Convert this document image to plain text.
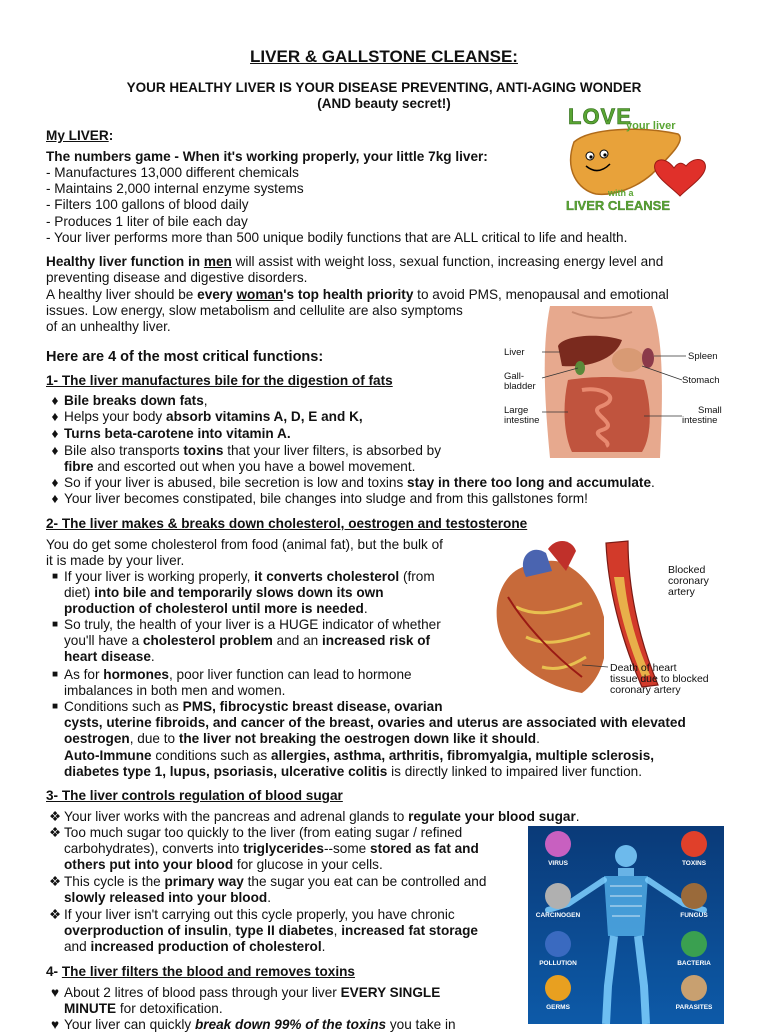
LIVER & GALLSTONE CLEANSE:
YOUR HEALTHY LIVER IS YOUR DISEASE PREVENTING, ANTI-AGING WONDER
(AND beauty secret!)
My LIVER:
The numbers game - When it's working properly, your little 7kg liver:
- Manufactures 13,000 different chemicals
- Maintains 2,000 internal enzyme systems
- Filters 100 gallons of blood daily
- Produces 1 liter of bile each day
- Your liver performs more than 500 unique bodily functions that are ALL critical to life and health.
Healthy liver function in men will assist with weight loss, sexual function, increasing energy level and
preventing disease and digestive disorders.
A healthy liver should be every woman's top health priority to avoid PMS, menopausal and emotional
issues. Low energy, slow metabolism and cellulite are also symptoms
of an unhealthy liver.
Here are 4 of the most critical functions:
1- The liver manufactures bile for the digestion of fats
♦ Bile breaks down fats,
♦ Helps your body absorb vitamins A, D, E and K,
♦ Turns beta-carotene into vitamin A.
♦ Bile also transports toxins that your liver filters, is absorbed by
fibre and escorted out when you have a bowel movement.
♦ So if your liver is abused, bile secretion is low and toxins stay in there too long and accumulate.
♦ Your liver becomes constipated, bile changes into sludge and from this gallstones form!
2- The liver makes & breaks down cholesterol, oestrogen and testosterone
You do get some cholesterol from food (animal fat), but the bulk of
it is made by your liver.
■ If your liver is working properly, it converts cholesterol (from
diet) into bile and temporarily slows down its own
production of cholesterol until more is needed.
■ So truly, the health of your liver is a HUGE indicator of whether
you'll have a cholesterol problem and an increased risk of
heart disease.
■ As for hormones, poor liver function can lead to hormone
imbalances in both men and women.
■ Conditions such as PMS, fibrocystic breast disease, ovarian
cysts, uterine fibroids, and cancer of the breast, ovaries and uterus are associated with elevated
oestrogen, due to the liver not breaking the oestrogen down like it should.
Auto-Immune conditions such as allergies, asthma, arthritis, fibromyalgia, multiple sclerosis,
diabetes type 1, lupus, psoriasis, ulcerative colitis is directly linked to impaired liver function.
3- The liver controls regulation of blood sugar
❖ Your liver works with the pancreas and adrenal glands to regulate your blood sugar.
❖ Too much sugar too quickly to the liver (from eating sugar / refined
carbohydrates), converts into triglycerides--some stored as fat and
others put into your blood for glucose in your cells.
❖ This cycle is the primary way the sugar you eat can be controlled and
slowly released into your blood.
❖ If your liver isn't carrying out this cycle properly, you have chronic
overproduction of insulin, type II diabetes, increased fat storage
and increased production of cholesterol.
4- The liver filters the blood and removes toxins
♥ About 2 litres of blood pass through your liver EVERY SINGLE
MINUTE for detoxification.
♥ Your liver can quickly break down 99% of the toxins you take in
LOVE
your liver
with a
LIVER CLEANSE
Liver
Gall-
bladder
Large
intestine
Spleen
Stomach
Small
intestine
Blocked
coronary
artery
Death of heart
tissue due to blocked
coronary artery
VIRUS	TOXINS
CARCINOGEN	FUNGUS
POLLUTION	BACTERIA
GERMS	PARASITES
